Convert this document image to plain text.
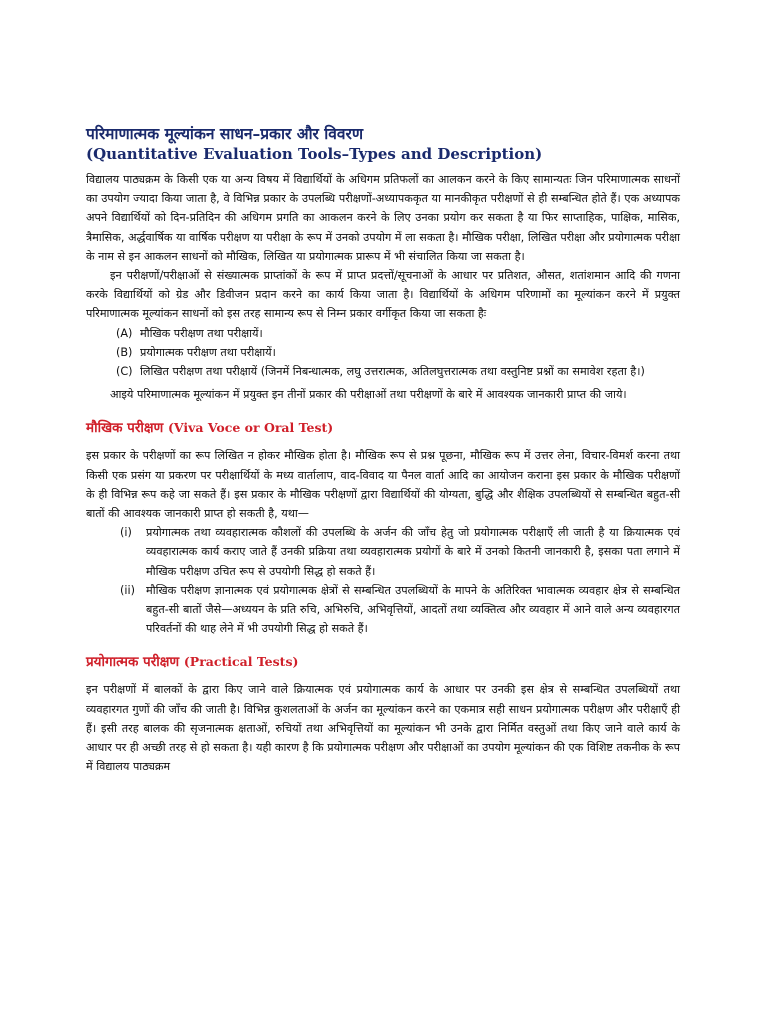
परिमाणात्मक मूल्यांकन साधन–प्रकार और विवरण
(Quantitative Evaluation Tools–Types and Description)

विद्यालय पाठ्यक्रम के किसी एक या अन्य विषय में विद्यार्थियों के अधिगम प्रतिफलों का आलकन करने के किए सामान्यतः जिन परिमाणात्मक साधनों का उपयोग ज्यादा किया जाता है, वे विभिन्न प्रकार के उपलब्धि परीक्षणों-अध्यापककृत या मानकीकृत परीक्षणों से ही सम्बन्धित होते हैं। एक अध्यापक अपने विद्यार्थियों को दिन-प्रतिदिन की अधिगम प्रगति का आकलन करने के लिए उनका प्रयोग कर सकता है या फिर साप्ताहिक, पाक्षिक, मासिक, त्रैमासिक, अर्द्धवार्षिक या वार्षिक परीक्षण या परीक्षा के रूप में उनको उपयोग में ला सकता है। मौखिक परीक्षा, लिखित परीक्षा और प्रयोगात्मक परीक्षा के नाम से इन आकलन साधनों को मौखिक, लिखित या प्रयोगात्मक प्रारूप में भी संचालित किया जा सकता है।

इन परीक्षणों/परीक्षाओं से संख्यात्मक प्राप्तांकों के रूप में प्राप्त प्रदत्तों/सूचनाओं के आधार पर प्रतिशत, औसत, शतांशमान आदि की गणना करके विद्यार्थियों को ग्रेड और डिवीजन प्रदान करने का कार्य किया जाता है। विद्यार्थियों के अधिगम परिणामों का मूल्यांकन करने में प्रयुक्त परिमाणात्मक मूल्यांकन साधनों को इस तरह सामान्य रूप से निम्न प्रकार वर्गीकृत किया जा सकता हैः

(A) मौखिक परीक्षण तथा परीक्षायें।
(B) प्रयोगात्मक परीक्षण तथा परीक्षायें।
(C) लिखित परीक्षण तथा परीक्षायें (जिनमें निबन्धात्मक, लघु उत्तरात्मक, अतिलघुत्तरात्मक तथा वस्तुनिष्ट प्रश्नों का समावेश रहता है।)

आइये परिमाणात्मक मूल्यांकन में प्रयुक्त इन तीनों प्रकार की परीक्षाओं तथा परीक्षणों के बारे में आवश्यक जानकारी प्राप्त की जाये।

मौखिक परीक्षण (Viva Voce or Oral Test)

इस प्रकार के परीक्षणों का रूप लिखित न होकर मौखिक होता है। मौखिक रूप से प्रश्न पूछना, मौखिक रूप में उत्तर लेना, विचार-विमर्श करना तथा किसी एक प्रसंग या प्रकरण पर परीक्षार्थियों के मध्य वार्तालाप, वाद-विवाद या पैनल वार्ता आदि का आयोजन कराना इस प्रकार के मौखिक परीक्षणों के ही विभिन्न रूप कहे जा सकते हैं। इस प्रकार के मौखिक परीक्षणों द्वारा विद्यार्थियों की योग्यता, बुद्धि और शैक्षिक उपलब्धियों से सम्बन्धित बहुत-सी बातों की आवश्यक जानकारी प्राप्त हो सकती है, यथा—

(i)	प्रयोगात्मक तथा व्यवहारात्मक कौशलों की उपलब्धि के अर्जन की जाँच हेतु जो प्रयोगात्मक परीक्षाएँ ली जाती है या क्रियात्मक एवं व्यवहारात्मक कार्य कराए जाते हैं उनकी प्रक्रिया तथा व्यवहारात्मक प्रयोगों के बारे में उनको कितनी जानकारी है, इसका पता लगाने में मौखिक परीक्षण उचित रूप से उपयोगी सिद्ध हो सकते हैं।
(ii) मौखिक परीक्षण ज्ञानात्मक एवं प्रयोगात्मक क्षेत्रों से सम्बन्धित उपलब्धियों के मापने के अतिरिक्त भावात्मक व्यवहार क्षेत्र से सम्बन्धित बहुत-सी बातों जैसे—अध्ययन के प्रति रुचि, अभिरुचि, अभिवृत्तियों, आदतों तथा व्यक्तित्व और व्यवहार में आने वाले अन्य व्यवहारगत परिवर्तनों की थाह लेने में भी उपयोगी सिद्ध हो सकते हैं।
प्रयोगात्मक परीक्षण (Practical Tests)

इन परीक्षणों में बालकों के द्वारा किए जाने वाले क्रियात्मक एवं प्रयोगात्मक कार्य के आधार पर उनकी इस क्षेत्र से सम्बन्धित उपलब्धियों तथा व्यवहारगत गुणों की जाँच की जाती है। विभिन्न कुशलताओं के अर्जन का मूल्यांकन करने का एकमात्र सही साधन प्रयोगात्मक परीक्षण और परीक्षाएँ ही हैं। इसी तरह बालक की सृजनात्मक क्षताओं, रुचियों तथा अभिवृत्तियों का मूल्यांकन भी उनके द्वारा निर्मित वस्तुओं तथा किए जाने वाले कार्य के आधार पर ही अच्छी तरह से हो सकता है। यही कारण है कि प्रयोगात्मक परीक्षण और परीक्षाओं का उपयोग मूल्यांकन की एक विशिष्ट तकनीक के रूप में विद्यालय पाठ्यक्रम
